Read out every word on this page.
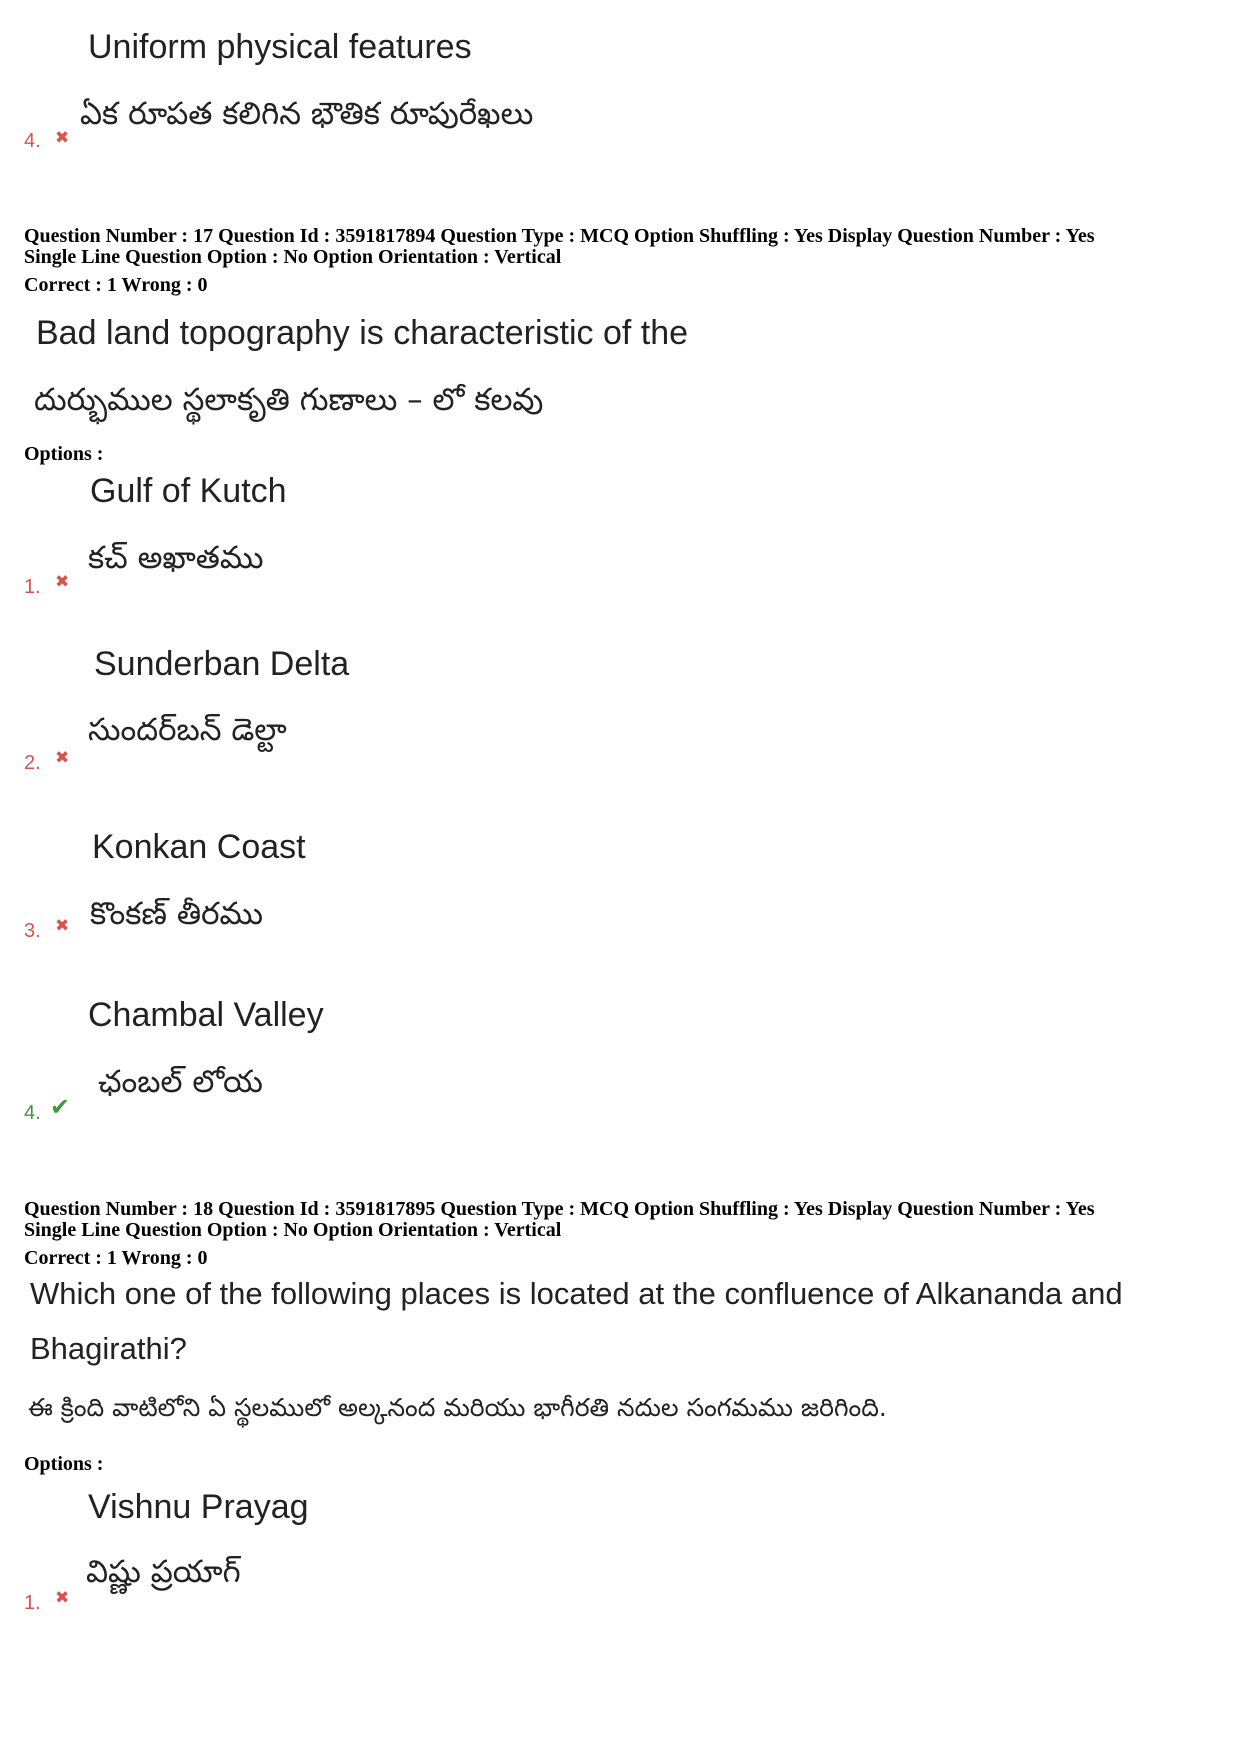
Uniform physical features
ఏక రూపత కలిగిన భౌతిక రూపురేఖలు
4. ✖
Question Number : 17 Question Id : 3591817894 Question Type : MCQ Option Shuffling : Yes Display Question Number : Yes
Single Line Question Option : No Option Orientation : Vertical
Correct : 1 Wrong : 0
Bad land topography is characteristic of the
దుర్భుముల స్థలాకృతి గుణాలు – లో కలవు
Options :
Gulf of Kutch
కచ్ అఖాతము
1. ✖
Sunderban Delta
సుందర్‌బన్ డెల్టా
2. ✖
Konkan Coast
కొంకణ్ తీరము
3. ✖
Chambal Valley
ఛంబల్ లోయ
4. ✔
Question Number : 18 Question Id : 3591817895 Question Type : MCQ Option Shuffling : Yes Display Question Number : Yes
Single Line Question Option : No Option Orientation : Vertical
Correct : 1 Wrong : 0
Which one of the following places is located at the confluence of Alkananda and
Bhagirathi?
ఈ క్రింది వాటిలోని ఏ స్థలములో అల్కనంద మరియు భాగీరతి నదుల సంగమము జరిగింది.
Options :
Vishnu Prayag
విష్ణు ప్రయాగ్
1. ✖
